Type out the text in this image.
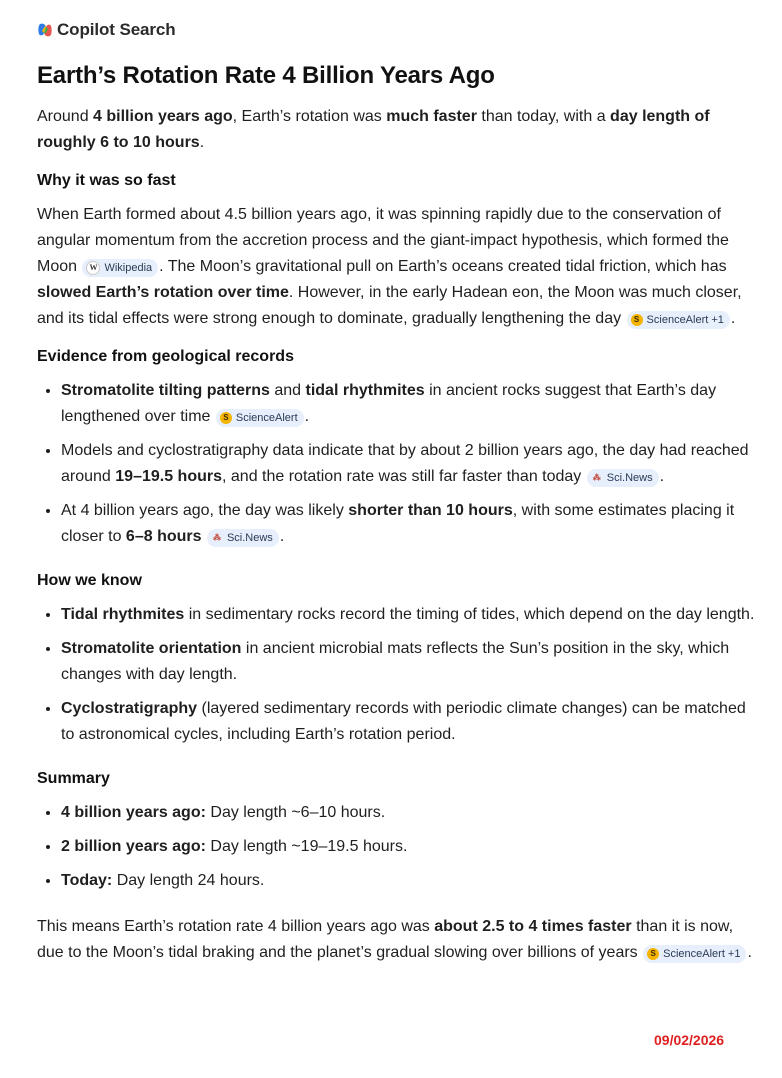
Copilot Search
Earth’s Rotation Rate 4 Billion Years Ago

Around 4 billion years ago, Earth’s rotation was much faster than today, with a day length of roughly 6 to 10 hours.

Why it was so fast

When Earth formed about 4.5 billion years ago, it was spinning rapidly due to the conservation of angular momentum from the accretion process and the giant-impact hypothesis, which formed the Moon	W Wikipedia . The Moon’s gravitational pull on Earth’s oceans created tidal friction, which has slowed Earth’s rotation over time. However, in the early Hadean eon, the Moon was much closer, and its tidal effects were strong enough to dominate, gradually lengthening the day	S ScienceAlert +1 .

Evidence from geological records
• Stromatolite tilting patterns and tidal rhythmites in ancient rocks suggest that Earth’s day lengthened over time	S ScienceAlert .
• Models and cyclostratigraphy data indicate that by about 2 billion years ago, the day had reached around 19–19.5 hours, and the rotation rate was still far faster than today ⁂ Sci.News .
• At 4 billion years ago, the day was likely shorter than 10 hours, with some estimates placing it closer to 6–8 hours ⁂ Sci.News .
How we know
• Tidal rhythmites in sedimentary rocks record the timing of tides, which depend on the day length.
• Stromatolite orientation in ancient microbial mats reflects the Sun’s position in the sky, which changes with day length.
• Cyclostratigraphy (layered sedimentary records with periodic climate changes) can be matched to astronomical cycles, including Earth’s rotation period.
Summary
• 4 billion years ago: Day length ~6–10 hours.
• 2 billion years ago: Day length ~19–19.5 hours.
• Today: Day length 24 hours.

This means Earth’s rotation rate 4 billion years ago was about 2.5 to 4 times faster than it is now, due to the Moon’s tidal braking and the planet’s gradual slowing over billions of years	S ScienceAlert +1 .

09/02/2026
